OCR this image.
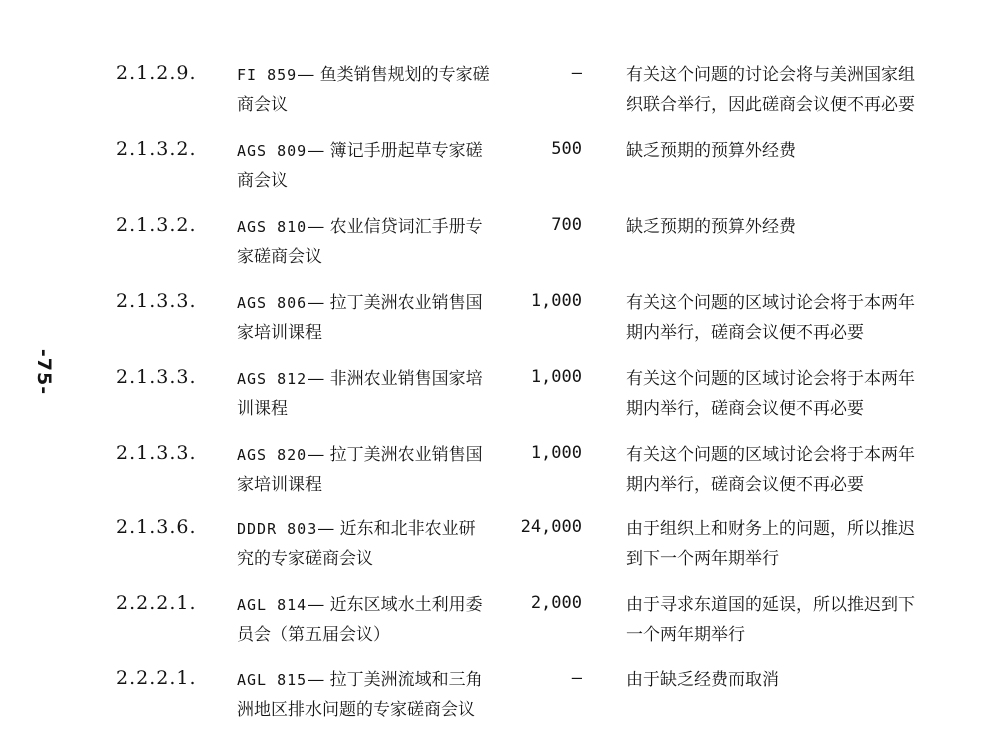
-75-
2.1.2.9.	FI 859— 鱼类销售规划的专家磋
商会议
—	有关这个问题的讨论会将与美洲国家组
织联合举行，因此磋商会议便不再必要
2.1.3.2.	AGS 809— 簿记手册起草专家磋
商会议
500	缺乏预期的预算外经费

2.1.3.2.	AGS 810— 农业信贷词汇手册专
家磋商会议
700	缺乏预期的预算外经费

2.1.3.3.	AGS 806— 拉丁美洲农业销售国
家培训课程
1,000	有关这个问题的区域讨论会将于本两年
期内举行，磋商会议便不再必要
2.1.3.3.	AGS 812— 非洲农业销售国家培
训课程
1,000	有关这个问题的区域讨论会将于本两年
期内举行，磋商会议便不再必要
2.1.3.3.	AGS 820— 拉丁美洲农业销售国
家培训课程
1,000	有关这个问题的区域讨论会将于本两年
期内举行，磋商会议便不再必要
2.1.3.6.	DDDR 803— 近东和北非农业研
究的专家磋商会议
24,000	由于组织上和财务上的问题，所以推迟
到下一个两年期举行
2.2.2.1.	AGL 814— 近东区域水土利用委
员会（第五届会议）
2,000	由于寻求东道国的延误，所以推迟到下
一个两年期举行
2.2.2.1.	AGL 815— 拉丁美洲流域和三角
洲地区排水问题的专家磋商会议
—	由于缺乏经费而取消
